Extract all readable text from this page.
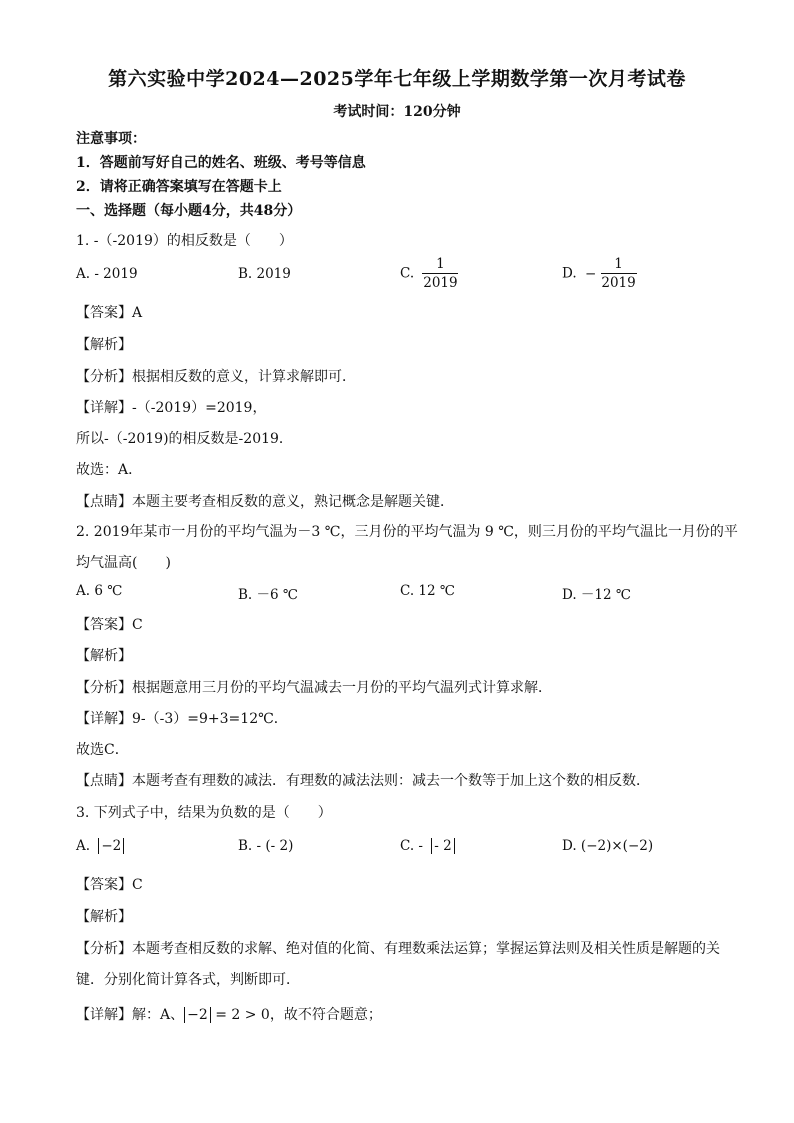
第六实验中学2024—2025学年七年级上学期数学第一次月考试卷
考试时间：120分钟
注意事项：
1．答题前写好自己的姓名、班级、考号等信息
2．请将正确答案填写在答题卡上
一、选择题（每小题4分，共48分）
1. -（-2019）的相反数是（　　）
A. - 2019	B. 2019	C. $\frac{1}{2019}$	D. − $\frac{1}{2019}$
【答案】A
【解析】
【分析】根据相反数的意义，计算求解即可．
【详解】-（-2019）=2019，
所以-（-2019)的相反数是-2019．
故选：A．
【点睛】本题主要考查相反数的意义，熟记概念是解题关键．
2. 2019年某市一月份的平均气温为－3 ℃，三月份的平均气温为 9 ℃，则三月份的平均气温比一月份的平
均气温高(　　)
A. 6 ℃	B. －6 ℃	C. 12 ℃	D. －12 ℃
【答案】C
【解析】
【分析】根据题意用三月份的平均气温减去一月份的平均气温列式计算求解．
【详解】9-（-3）=9+3=12℃．
故选C．
【点睛】本题考查有理数的减法．有理数的减法法则：减去一个数等于加上这个数的相反数．
3. 下列式子中，结果为负数的是（　　）
A. −2	B. - (- 2)	C. - - 2	D. (−2)×(−2)
【答案】C
【解析】
【分析】本题考查相反数的求解、绝对值的化简、有理数乘法运算；掌握运算法则及相关性质是解题的关
键．分别化简计算各式，判断即可．
【详解】解：A、 −2 = 2 > 0，故不符合题意；
